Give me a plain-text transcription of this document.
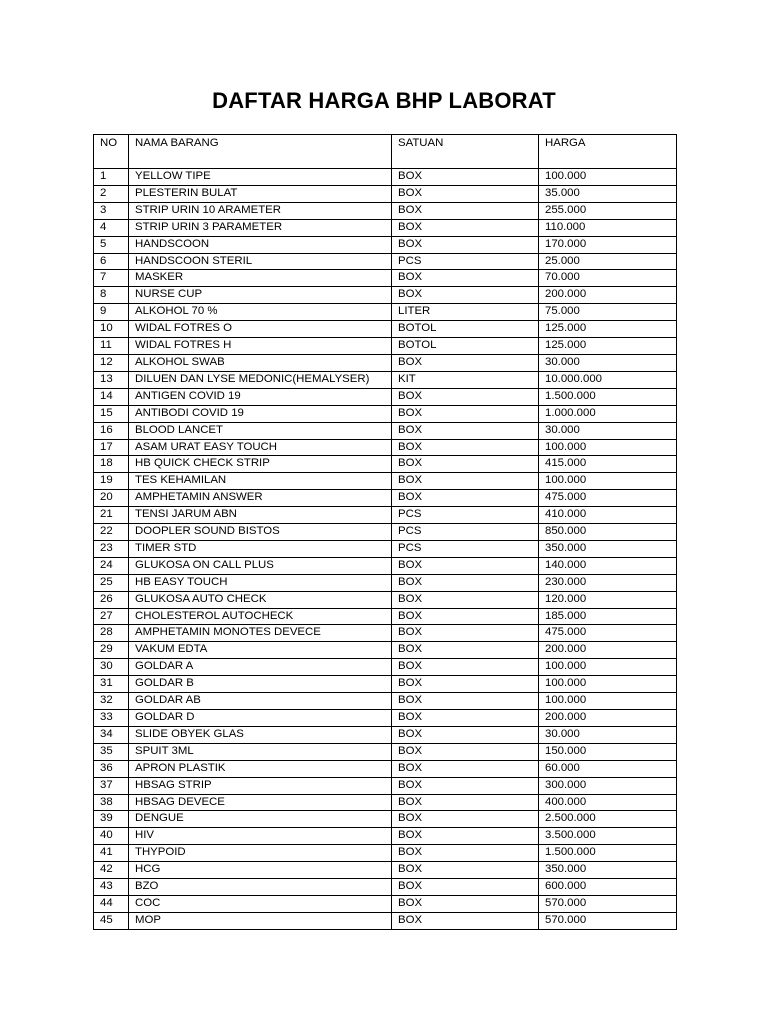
DAFTAR HARGA BHP LABORAT
NO	NAMA BARANG	SATUAN	HARGA
1	YELLOW TIPE	BOX	100.000
2	PLESTERIN BULAT	BOX	35.000
3	STRIP URIN 10 ARAMETER	BOX	255.000
4	STRIP URIN 3 PARAMETER	BOX	110.000
5	HANDSCOON	BOX	170.000
6	HANDSCOON STERIL	PCS	25.000
7	MASKER	BOX	70.000
8	NURSE CUP	BOX	200.000
9	ALKOHOL 70 %	LITER	75.000
10	WIDAL FOTRES O	BOTOL	125.000
11	WIDAL FOTRES H	BOTOL	125.000
12	ALKOHOL SWAB	BOX	30.000
13	DILUEN DAN LYSE MEDONIC(HEMALYSER)	KIT	10.000.000
14	ANTIGEN COVID 19	BOX	1.500.000
15	ANTIBODI COVID 19	BOX	1.000.000
16	BLOOD LANCET	BOX	30.000
17	ASAM URAT EASY TOUCH	BOX	100.000
18	HB QUICK CHECK STRIP	BOX	415.000
19	TES KEHAMILAN	BOX	100.000
20	AMPHETAMIN ANSWER	BOX	475.000
21	TENSI JARUM ABN	PCS	410.000
22	DOOPLER SOUND BISTOS	PCS	850.000
23	TIMER STD	PCS	350.000
24	GLUKOSA ON CALL PLUS	BOX	140.000
25	HB EASY TOUCH	BOX	230.000
26	GLUKOSA AUTO CHECK	BOX	120.000
27	CHOLESTEROL AUTOCHECK	BOX	185.000
28	AMPHETAMIN MONOTES DEVECE	BOX	475.000
29	VAKUM EDTA	BOX	200.000
30	GOLDAR A	BOX	100.000
31	GOLDAR B	BOX	100.000
32	GOLDAR AB	BOX	100.000
33	GOLDAR D	BOX	200.000
34	SLIDE OBYEK GLAS	BOX	30.000
35	SPUIT 3ML	BOX	150.000
36	APRON PLASTIK	BOX	60.000
37	HBSAG STRIP	BOX	300.000
38	HBSAG DEVECE	BOX	400.000
39	DENGUE	BOX	2.500.000
40	HIV	BOX	3.500.000
41	THYPOID	BOX	1.500.000
42	HCG	BOX	350.000
43	BZO	BOX	600.000
44	COC	BOX	570.000
45	MOP	BOX	570.000
